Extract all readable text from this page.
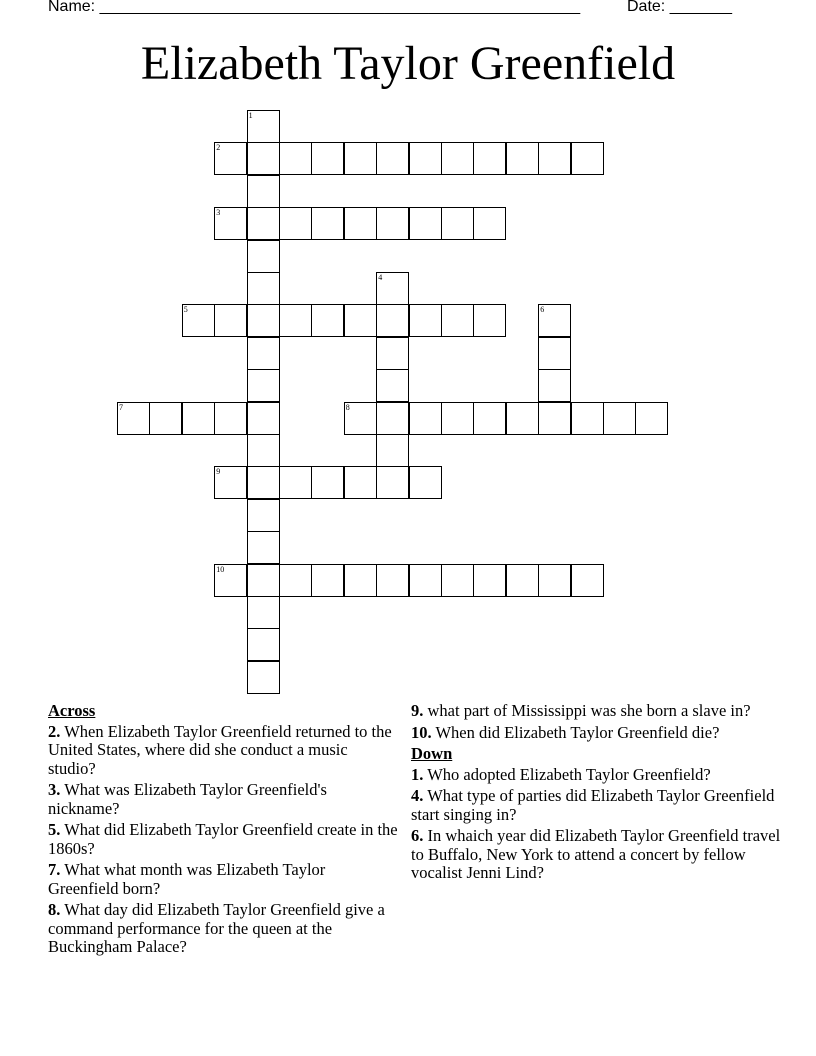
Name: ______________________________________________________	Date: _______
Elizabeth Taylor Greenfield
1
2
3
4
5	6
7	8
9
10
Across
2. When Elizabeth Taylor Greenfield returned to the United States, where did she conduct a music studio?
3. What was Elizabeth Taylor Greenfield's nickname?
5. What did Elizabeth Taylor Greenfield create in the 1860s?
7. What what month was Elizabeth Taylor Greenfield born?
8. What day did Elizabeth Taylor Greenfield give a command performance for the queen at the Buckingham Palace?
9. what part of Mississippi was she born a slave in?
10. When did Elizabeth Taylor Greenfield die?
Down
1. Who adopted Elizabeth Taylor Greenfield?
4. What type of parties did Elizabeth Taylor Greenfield start singing in?
6. In whaich year did Elizabeth Taylor Greenfield travel to Buffalo, New York to attend a concert by fellow vocalist Jenni Lind?
